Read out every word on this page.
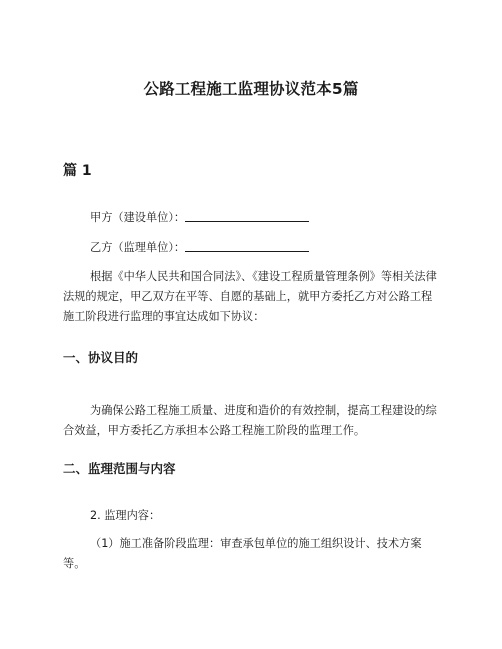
公路工程施工监理协议范本5篇
篇 1
甲方（建设单位）：
乙方（监理单位）：
根据《中华人民共和国合同法》、《建设工程质量管理条例》等相关法律法规的规定，甲乙双方在平等、自愿的基础上，就甲方委托乙方对公路工程施工阶段进行监理的事宜达成如下协议：
一、协议目的
为确保公路工程施工质量、进度和造价的有效控制，提高工程建设的综合效益，甲方委托乙方承担本公路工程施工阶段的监理工作。
二、监理范围与内容
2. 监理内容：
（1）施工准备阶段监理：审查承包单位的施工组织设计、技术方案等。
